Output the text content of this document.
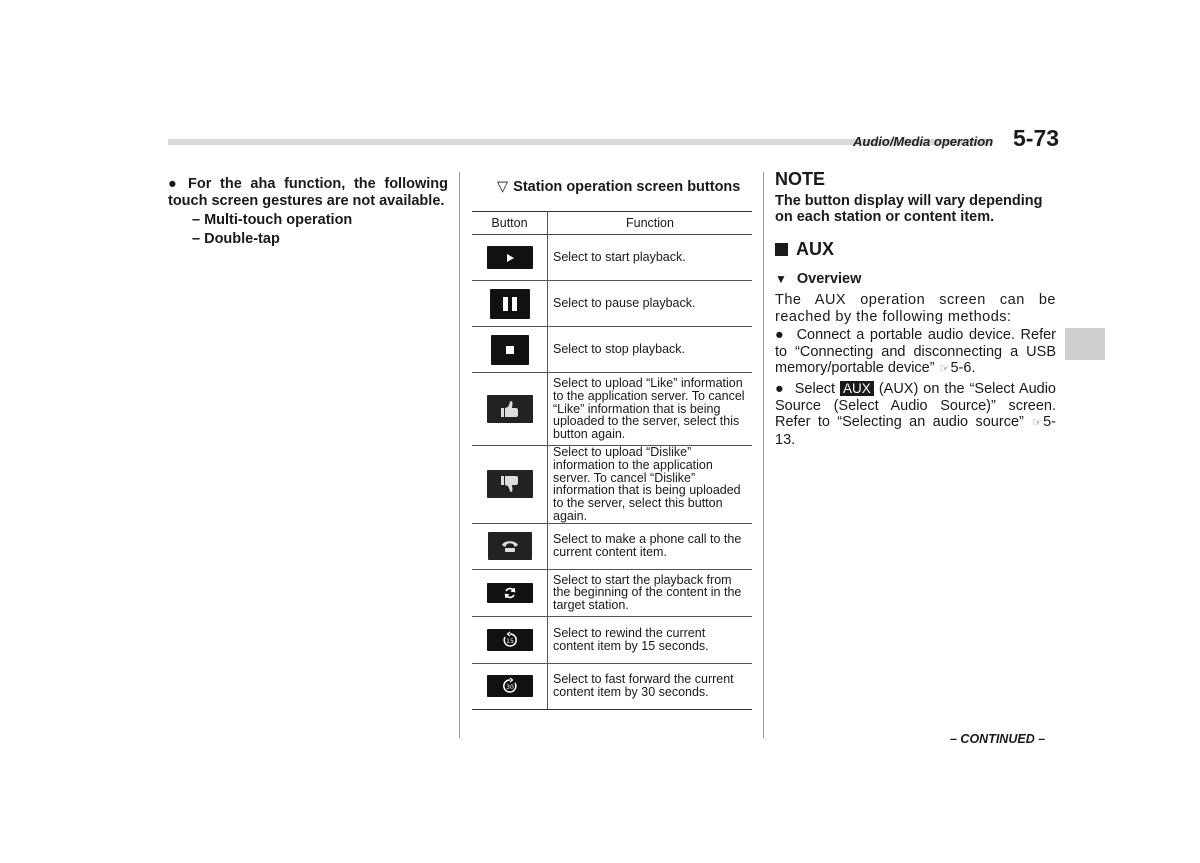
Audio/Media operation 5-73

● For the aha function, the following touch screen gestures are not available.

– Multi-touch operation
– Double-tap
▽ Station operation screen buttons
Button	Function

	Select to start playback.

	Select to pause playback.

	Select to stop playback.

	Select to upload “Like” information to the application server. To cancel “Like” information that is being uploaded to the server, select this button again.

	Select to upload “Dislike” information to the application server. To cancel “Dislike” information that is being uploaded to the server, select this button again.

	Select to make a phone call to the current content item.

	Select to start the playback from the beginning of the content in the target station.

15	Select to rewind the current content item by 15 seconds.

30	Select to fast forward the current content item by 30 seconds.
NOTE

The button display will vary depending on each station or content item.

AUX
▼ Overview

The AUX operation screen can be reached by the following methods:

●  Connect a portable audio device. Refer to “Connecting and disconnecting a USB memory/portable device” ☞5-6.

●  Select AUX (AUX) on the “Select Audio Source (Select Audio Source)” screen. Refer to “Selecting an audio source” ☞5-13.

– CONTINUED –
